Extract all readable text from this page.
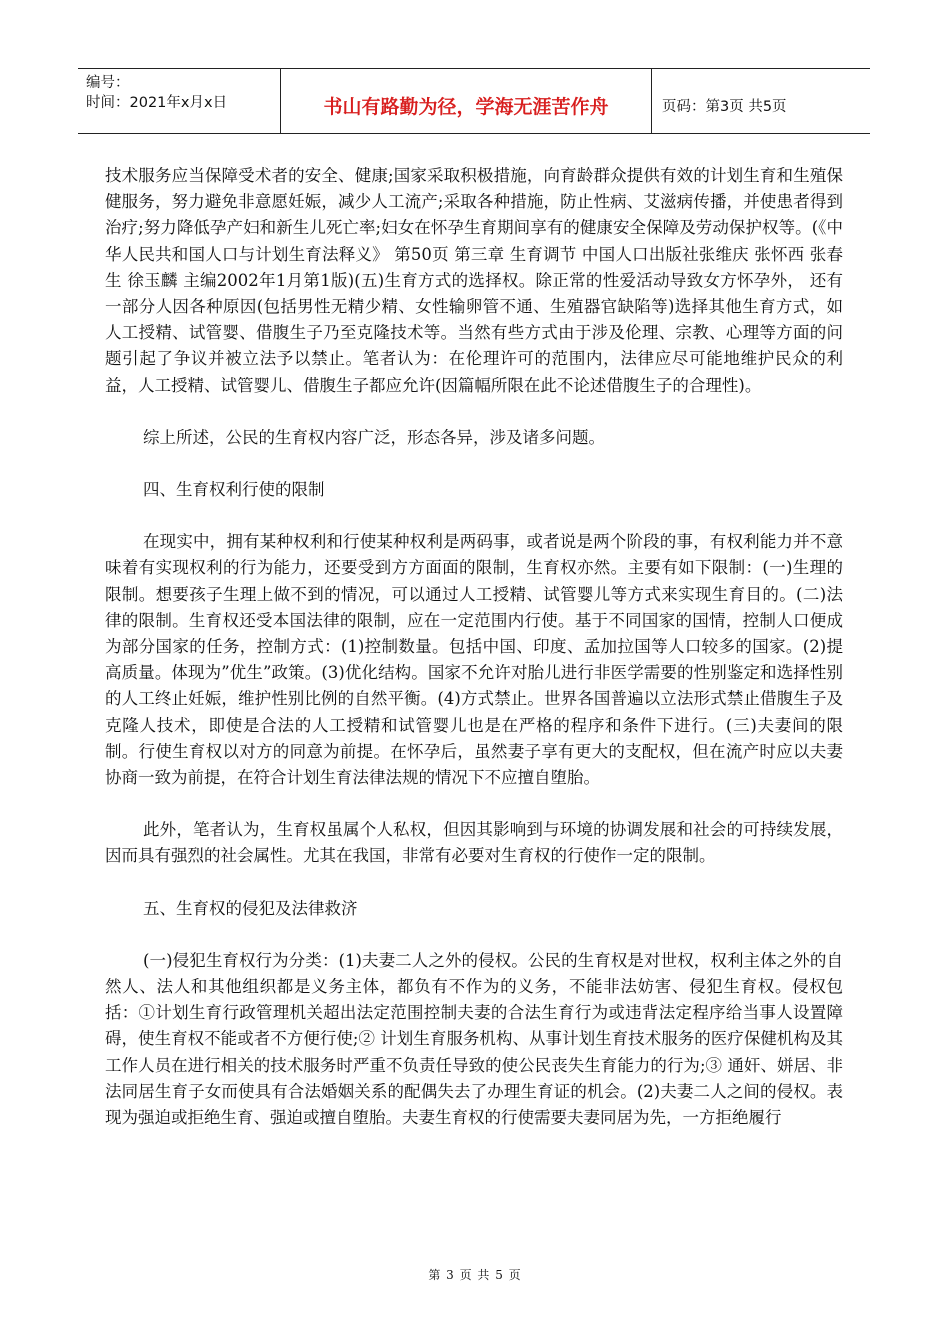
编号：
时间：2021年x月x日	书山有路勤为径，学海无涯苦作舟	页码：第3页 共5页

技术服务应当保障受术者的安全、健康;国家采取积极措施，向育龄群众提供有效的计划生育和生殖保健服务，努力避免非意愿妊娠，减少人工流产;采取各种措施，防止性病、艾滋病传播，并使患者得到治疗;努力降低孕产妇和新生儿死亡率;妇女在怀孕生育期间享有的健康安全保障及劳动保护权等。(《中华人民共和国人口与计划生育法释义》 第50页 第三章 生育调节 中国人口出版社张维庆 张怀西 张春生 徐玉麟 主编2002年1月第1版)(五)生育方式的选择权。除正常的性爱活动导致女方怀孕外， 还有一部分人因各种原因(包括男性无精少精、女性输卵管不通、生殖器官缺陷等)选择其他生育方式，如人工授精、试管婴、借腹生子乃至克隆技术等。当然有些方式由于涉及伦理、宗教、心理等方面的问题引起了争议并被立法予以禁止。笔者认为：在伦理许可的范围内，法律应尽可能地维护民众的利益，人工授精、试管婴儿、借腹生子都应允许(因篇幅所限在此不论述借腹生子的合理性)。

综上所述，公民的生育权内容广泛，形态各异，涉及诸多问题。

四、生育权利行使的限制

在现实中，拥有某种权利和行使某种权利是两码事，或者说是两个阶段的事，有权利能力并不意味着有实现权利的行为能力，还要受到方方面面的限制，生育权亦然。主要有如下限制：(一)生理的限制。想要孩子生理上做不到的情况，可以通过人工授精、试管婴儿等方式来实现生育目的。(二)法律的限制。生育权还受本国法律的限制，应在一定范围内行使。基于不同国家的国情，控制人口便成为部分国家的任务，控制方式：(1)控制数量。包括中国、印度、孟加拉国等人口较多的国家。(2)提高质量。体现为”优生”政策。(3)优化结构。国家不允许对胎儿进行非医学需要的性别鉴定和选择性别的人工终止妊娠，维护性别比例的自然平衡。(4)方式禁止。世界各国普遍以立法形式禁止借腹生子及克隆人技术，即使是合法的人工授精和试管婴儿也是在严格的程序和条件下进行。(三)夫妻间的限制。行使生育权以对方的同意为前提。在怀孕后，虽然妻子享有更大的支配权，但在流产时应以夫妻协商一致为前提，在符合计划生育法律法规的情况下不应擅自堕胎。

此外，笔者认为，生育权虽属个人私权，但因其影响到与环境的协调发展和社会的可持续发展，因而具有强烈的社会属性。尤其在我国，非常有必要对生育权的行使作一定的限制。

五、生育权的侵犯及法律救济

(一)侵犯生育权行为分类：(1)夫妻二人之外的侵权。公民的生育权是对世权，权利主体之外的自然人、法人和其他组织都是义务主体，都负有不作为的义务，不能非法妨害、侵犯生育权。侵权包括：①计划生育行政管理机关超出法定范围控制夫妻的合法生育行为或违背法定程序给当事人设置障碍，使生育权不能或者不方便行使;② 计划生育服务机构、从事计划生育技术服务的医疗保健机构及其工作人员在进行相关的技术服务时严重不负责任导致的使公民丧失生育能力的行为;③ 通奸、姘居、非法同居生育子女而使具有合法婚姻关系的配偶失去了办理生育证的机会。(2)夫妻二人之间的侵权。表现为强迫或拒绝生育、强迫或擅自堕胎。夫妻生育权的行使需要夫妻同居为先，一方拒绝履行

第 3 页 共 5 页
